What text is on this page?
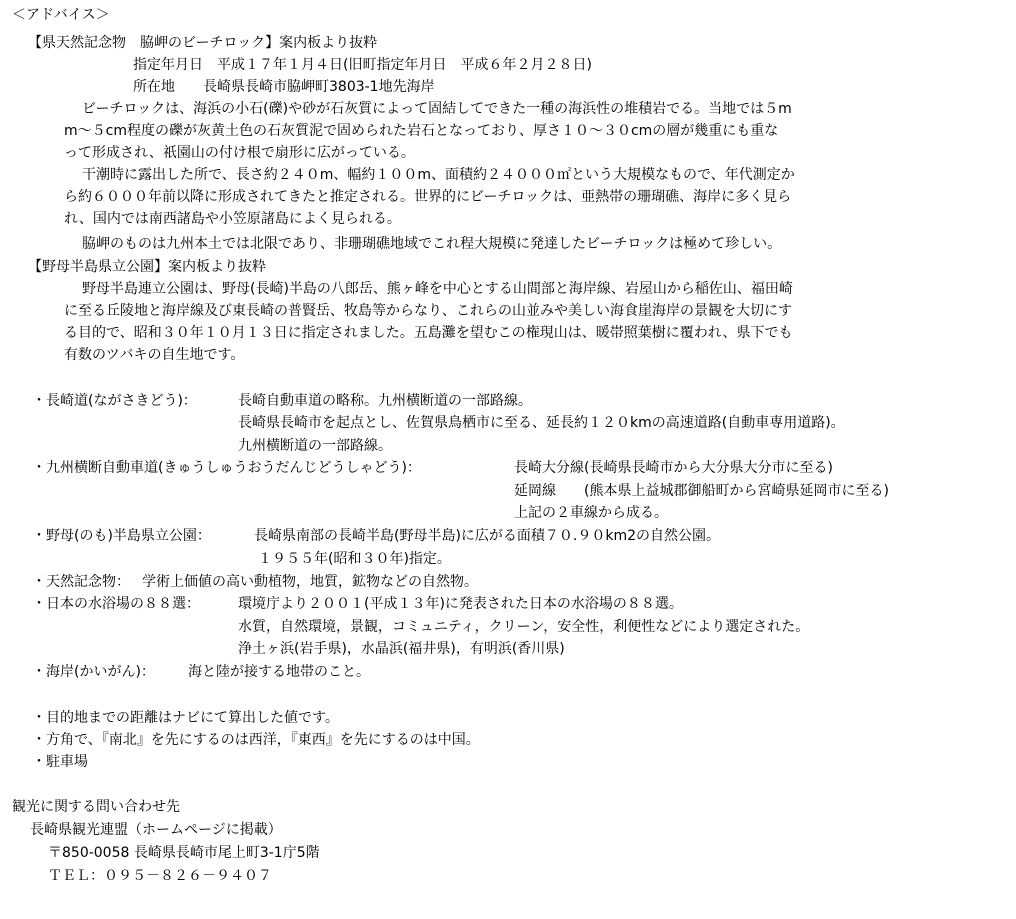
＜アドバイス＞
【県天然記念物　脇岬のビーチロック】案内板より抜粋
指定年月日　平成１７年１月４日(旧町指定年月日　平成６年２月２８日)
所在地　　長崎県長崎市脇岬町3803-1地先海岸
ビーチロックは、海浜の小石(礫)や砂が石灰質によって固結してできた一種の海浜性の堆積岩でる。当地では５m
m～５cm程度の礫が灰黄土色の石灰質泥で固められた岩石となっており、厚さ１０～３０cmの層が幾重にも重な
って形成され、祇園山の付け根で扇形に広がっている。
干潮時に露出した所で、長さ約２４０m、幅約１００m、面積約２４０００㎡という大規模なもので、年代測定か
ら約６０００年前以降に形成されてきたと推定される。世界的にビーチロックは、亜熱帯の珊瑚礁、海岸に多く見ら
れ、国内では南西諸島や小笠原諸島によく見られる。
脇岬のものは九州本土では北限であり、非珊瑚礁地域でこれ程大規模に発達したビーチロックは極めて珍しい。
【野母半島県立公園】案内板より抜粋
野母半島連立公園は、野母(長崎)半島の八郎岳、熊ヶ峰を中心とする山間部と海岸線、岩屋山から稲佐山、福田崎
に至る丘陵地と海岸線及び東長崎の普賢岳、牧島等からなり、これらの山並みや美しい海食崖海岸の景観を大切にす
る目的で、昭和３０年１０月１３日に指定されました。五島灘を望むこの権現山は、暖帯照葉樹に覆われ、県下でも
有数のツバキの自生地です。
・ 長崎道(ながさきどう)：	長崎自動車道の略称。九州横断道の一部路線。
長崎県長崎市を起点とし、佐賀県鳥栖市に至る、延長約１２０kmの高速道路(自動車専用道路)。
九州横断道の一部路線。
・ 九州横断自動車道(きゅうしゅうおうだんじどうしゃどう)：	長崎大分線(長崎県長崎市から大分県大分市に至る)
延岡線　　(熊本県上益城郡御船町から宮崎県延岡市に至る)
上記の２車線から成る。
・ 野母(のも)半島県立公園：	長崎県南部の長崎半島(野母半島)に広がる面積７０.９０km2の自然公園。
１９５５年(昭和３０年)指定。
・ 天然記念物： 学術上価値の高い動植物，地質，鉱物などの自然物。
・ 日本の水浴場の８８選：	環境庁より２００１(平成１３年)に発表された日本の水浴場の８８選。
水質，自然環境，景観，コミュニティ，クリーン，安全性，利便性などにより選定された。
浄土ヶ浜(岩手県)，水晶浜(福井県)，有明浜(香川県)
・ 海岸(かいがん)： 海と陸が接する地帯のこと。
・目的地までの距離はナビにて算出した値です。
・方角で、『南北』を先にするのは西洋，『東西』を先にするのは中国。
・駐車場
観光に関する問い合わせ先
長崎県観光連盟（ホームページに掲載）
〒850-0058 長崎県長崎市尾上町3-1庁5階
ＴＥＬ：０９５－８２６－９４０７
